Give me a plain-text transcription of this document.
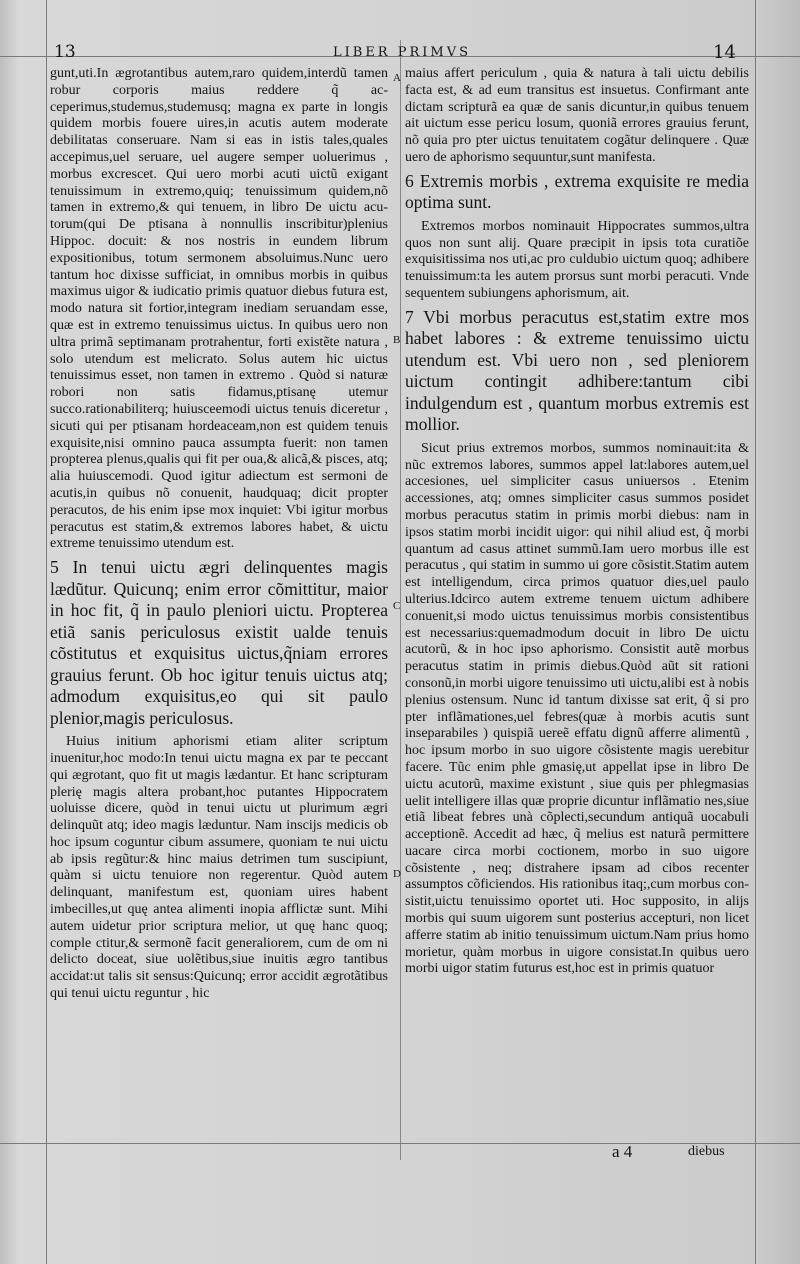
13	LIBER PRIMVS	14
A
B
C
D

gunt,uti.In ægrotantibus autem,raro quidem,interdũ tamen robur corporis maius reddere q̃ acceperimus,studemus,studemusq; magna ex parte in longis quidem morbis fouere uires,in acutis autem moderate debilitatas conseruare. Nam si eas in istis tales,quales accepimus,uel seruare, uel augere semper uoluerimus , morbus excrescet. Qui uero morbi acuti uictũ exigant tenuissimum in extremo,quiq; tenuissimum quidem,nõ tamen in extremo,& qui tenuem, in libro De uictu acutorum(qui De ptisana à nonnullis inscribitur)plenius Hippoc. docuit: & nos nostris in eundem librum expositionibus, totum sermonem absoluimus.Nunc uero tantum hoc dixisse sufficiat, in omnibus morbis in quibus maximus uigor & iudicatio primis quatuor diebus futura est, modo natura sit fortior,integram inediam seruandam esse, quæ est in extremo tenuissimus uictus. In quibus uero non ultra primã septimanam protrahentur, forti existẽte natura , solo utendum est melicrato. Solus autem hic uictus tenuissimus esset, non tamen in extremo . Quòd si naturæ robori non satis fidamus,ptisanę utemur succo.rationabiliterq; huiusceemodi uictus tenuis diceretur , sicuti qui per ptisanam hordeaceam,non est quidem tenuis exquisite,nisi omnino pauca assumpta fuerit: non tamen propterea plenus,qualis qui fit per oua,& alicã,& pisces, atq; alia huiuscemodi. Quod igitur adiectum est sermoni de acutis,in quibus nõ conuenit, haudquaq; dicit propter peracutos, de his enim ipse mox inquiet: Vbi igitur morbus peracutus est statim,& extremos labores habet, & uictu extreme tenuissimo utendum est.

5 In tenui uictu ægri delinquentes magis lædũtur. Quicunq; enim error cõmittitur, maior in hoc fit, q̃ in paulo pleniori uictu. Propterea etiã sanis periculosus existit ualde tenuis cõstitutus et exquisitus uictus,q̃niam errores grauius ferunt. Ob hoc igitur tenuis uictus atq; admodum exquisitus,eo qui sit paulo plenior,magis periculosus.

Huius initium aphorismi etiam aliter scriptum inuenitur,hoc modo:In tenui uictu magna ex par te peccant qui ægrotant, quo fit ut magis lædantur. Et hanc scripturam plerię magis altera probant,hoc putantes Hippocratem uoluisse dicere, quòd in tenui uictu ut plurimum ægri delinquũt atq; ideo magis læduntur. Nam inscijs medicis ob hoc ipsum coguntur cibum assumere, quoniam te nui uictu ab ipsis regũtur:& hinc maius detrimen tum suscipiunt, quàm si uictu tenuiore non regerentur. Quòd autem delinquant, manifestum est, quoniam uires habent imbecilles,ut quę antea alimenti inopia afflictæ sunt. Mihi autem uidetur prior scriptura melior, ut quę hanc quoq; comple ctitur,& sermonẽ facit generaliorem, cum de om ni delicto doceat, siue uolẽtibus,siue inuitis ægro tantibus accidat:ut talis sit sensus:Quicunq; error accidit ægrotãtibus qui tenui uictu reguntur , hic

maius affert periculum , quia & natura à tali uictu debilis facta est, & ad eum transitus est insuetus. Confirmant ante dictam scripturã ea quæ de sanis dicuntur,in quibus tenuem ait uictum esse pericu losum, quoniã errores grauius ferunt, nõ quia pro pter uictus tenuitatem cogãtur delinquere . Quæ uero de aphorismo sequuntur,sunt manifesta.

6 Extremis morbis , extrema exquisite re media optima sunt.

Extremos morbos nominauit Hippocrates summos,ultra quos non sunt alij. Quare præcipit in ipsis tota curatiõe exquisitissima nos uti,ac pro culdubio uictum quoq; adhibere tenuissimum:ta les autem prorsus sunt morbi peracuti. Vnde sequentem subiungens aphorismum, ait.

7 Vbi morbus peracutus est,statim extre mos habet labores : & extreme tenuissimo uictu utendum est. Vbi uero non , sed pleniorem uictum contingit adhibere:tantum cibi indulgendum est , quantum morbus extremis est mollior.

Sicut prius extremos morbos, summos nominauit:ita & nũc extremos labores, summos appel lat:labores autem,uel accesiones, uel simpliciter casus uniuersos . Etenim accessiones, atq; omnes simpliciter casus summos posidet morbus peracutus statim in primis morbi diebus: nam in ipsos statim morbi incidit uigor: qui nihil aliud est, q̃ morbi quantum ad casus attinet summũ.Iam uero morbus ille est peracutus , qui statim in summo ui gore cõsistit.Statim autem est intelligendum, circa primos quatuor dies,uel paulo ulterius.Idcirco autem extreme tenuem uictum adhibere conuenit,si modo uictus tenuissimus morbis consistentibus est necessarius:quemadmodum docuit in libro De uictu acutorũ, & in hoc ipso aphorismo. Consistit autẽ morbus peracutus statim in primis diebus.Quòd aũt sit rationi consonũ,in morbi uigore tenuissimo uti uictu,alibi est à nobis plenius ostensum. Nunc id tantum dixisse sat erit, q̃ si pro pter inflãmationes,uel febres(quæ à morbis acutis sunt inseparabiles ) quispiã uereẽ effatu dignũ afferre alimentũ , hoc ipsum morbo in suo uigore cõsistente magis uerebitur facere. Tũc enim phle gmasię,ut appellat ipse in libro De uictu acutorũ, maxime existunt , siue quis per phlegmasias uelit intelligere illas quæ proprie dicuntur inflãmatio nes,siue etiã libeat febres unà cõplecti,secundum antiquã uocabuli acceptionẽ. Accedit ad hæc, q̃ melius est naturã permittere uacare circa morbi coctionem, morbo in suo uigore cõsistente , neq; distrahere ipsam ad cibos recenter assumptos cõficiendos. His rationibus itaq;,cum morbus consistit,uictu tenuissimo oportet uti. Hoc supposito, in alijs morbis qui suum uigorem sunt posterius accepturi, non licet afferre statim ab initio tenuissimum uictum.Nam prius homo morietur, quàm morbus in uigore consistat.In quibus uero morbi uigor statim futurus est,hoc est in primis quatuor

a 4	diebus
